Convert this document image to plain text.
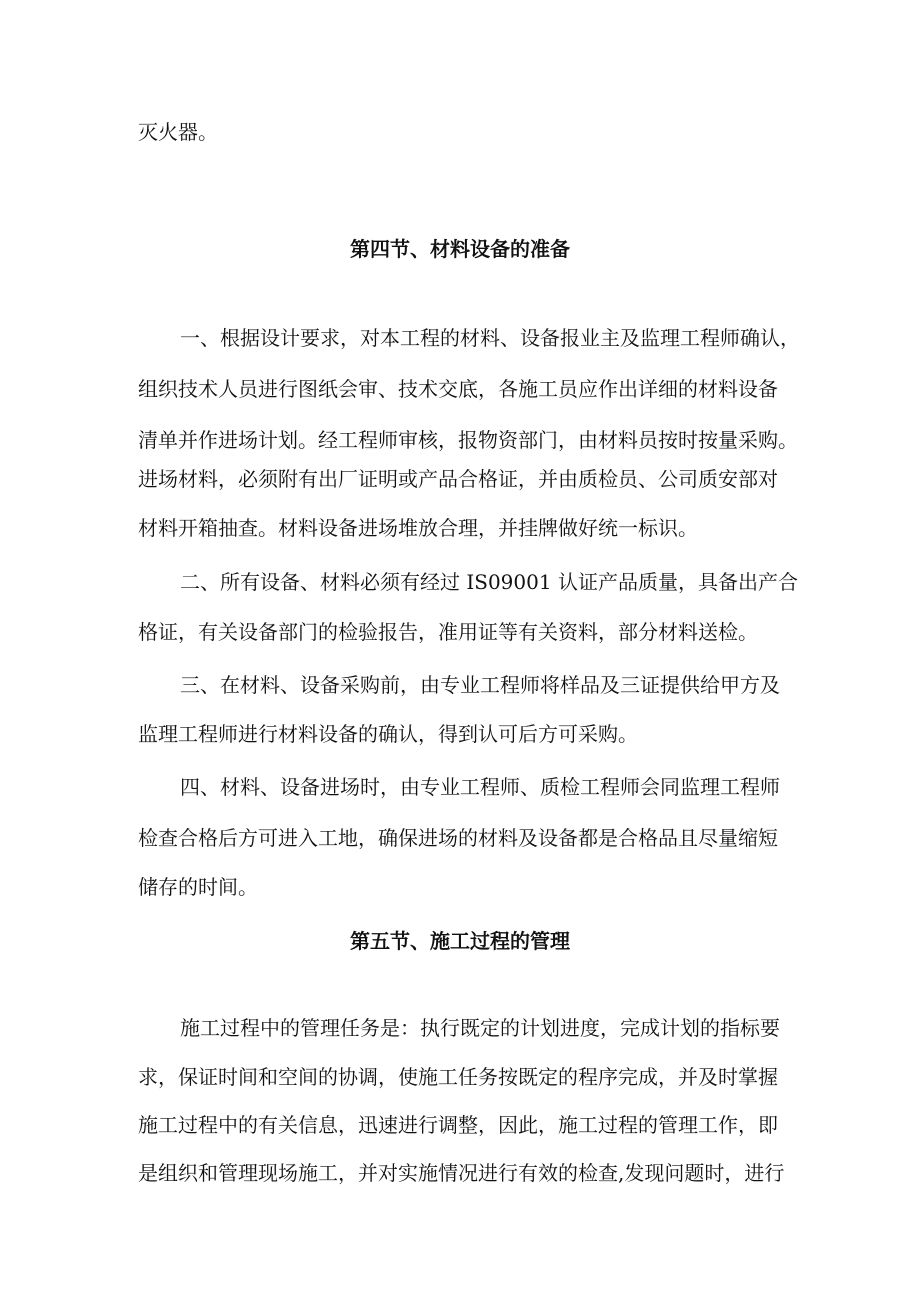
灭火器。

第四节、材料设备的准备

一、根据设计要求，对本工程的材料、设备报业主及监理工程师确认，

组织技术人员进行图纸会审、技术交底，各施工员应作出详细的材料设备

清单并作进场计划。经工程师审核，报物资部门，由材料员按时按量采购。

进场材料，必须附有出厂证明或产品合格证，并由质检员、公司质安部对

材料开箱抽查。材料设备进场堆放合理，并挂牌做好统一标识。

二、所有设备、材料必须有经过 IS09001 认证产品质量，具备出产合

格证，有关设备部门的检验报告，准用证等有关资料，部分材料送检。

三、在材料、设备采购前，由专业工程师将样品及三证提供给甲方及

监理工程师进行材料设备的确认，得到认可后方可采购。

四、材料、设备进场时，由专业工程师、质检工程师会同监理工程师

检查合格后方可进入工地，确保进场的材料及设备都是合格品且尽量缩短

储存的时间。

第五节、施工过程的管理

施工过程中的管理任务是：执行既定的计划进度，完成计划的指标要

求，保证时间和空间的协调，使施工任务按既定的程序完成，并及时掌握

施工过程中的有关信息，迅速进行调整，因此，施工过程的管理工作，即

是组织和管理现场施工，并对实施情况进行有效的检查,发现问题时，进行
